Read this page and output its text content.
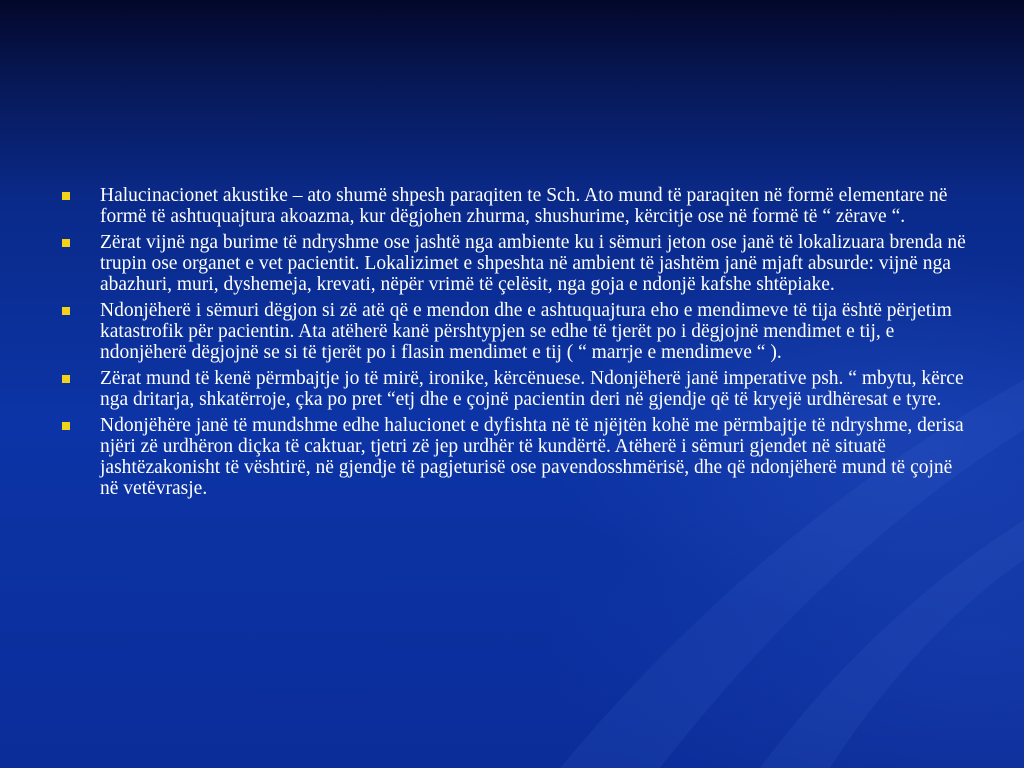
Halucinacionet akustike – ato shumë shpesh paraqiten te Sch. Ato mund të paraqiten në formë elementare në formë të ashtuquajtura akoazma, kur dëgjohen zhurma, shushurime, kërcitje ose në formë të “ zërave “.
Zërat vijnë nga burime të ndryshme ose jashtë nga ambiente ku i sëmuri jeton ose janë të lokalizuara brenda në trupin ose organet e vet pacientit. Lokalizimet e shpeshta në ambient të jashtëm janë mjaft absurde: vijnë nga abazhuri, muri, dyshemeja, krevati, nëpër vrimë të çelësit, nga goja e ndonjë kafshe shtëpiake.
Ndonjëherë i sëmuri dëgjon si zë atë që e mendon dhe e ashtuquajtura eho e mendimeve të tija është përjetim katastrofik për pacientin. Ata atëherë kanë përshtypjen se edhe të tjerët po i dëgjojnë mendimet e tij, e ndonjëherë dëgjojnë se si të tjerët po i flasin mendimet e tij ( “ marrje e mendimeve “ ).
Zërat mund të kenë përmbajtje jo të mirë, ironike, kërcënuese. Ndonjëherë janë imperative psh. “ mbytu, kërce nga dritarja, shkatërroje, çka po pret “etj dhe e çojnë pacientin deri në gjendje që të kryejë urdhëresat e tyre.
Ndonjëhëre janë të mundshme edhe halucionet e dyfishta në të njëjtën kohë me përmbajtje të ndryshme, derisa njëri zë urdhëron diçka të caktuar, tjetri zë jep urdhër të kundërtë. Atëherë i sëmuri gjendet në situatë jashtëzakonisht të vështirë, në gjendje të pagjeturisë ose pavendosshmërisë, dhe që ndonjëherë mund të çojnë në vetëvrasje.
